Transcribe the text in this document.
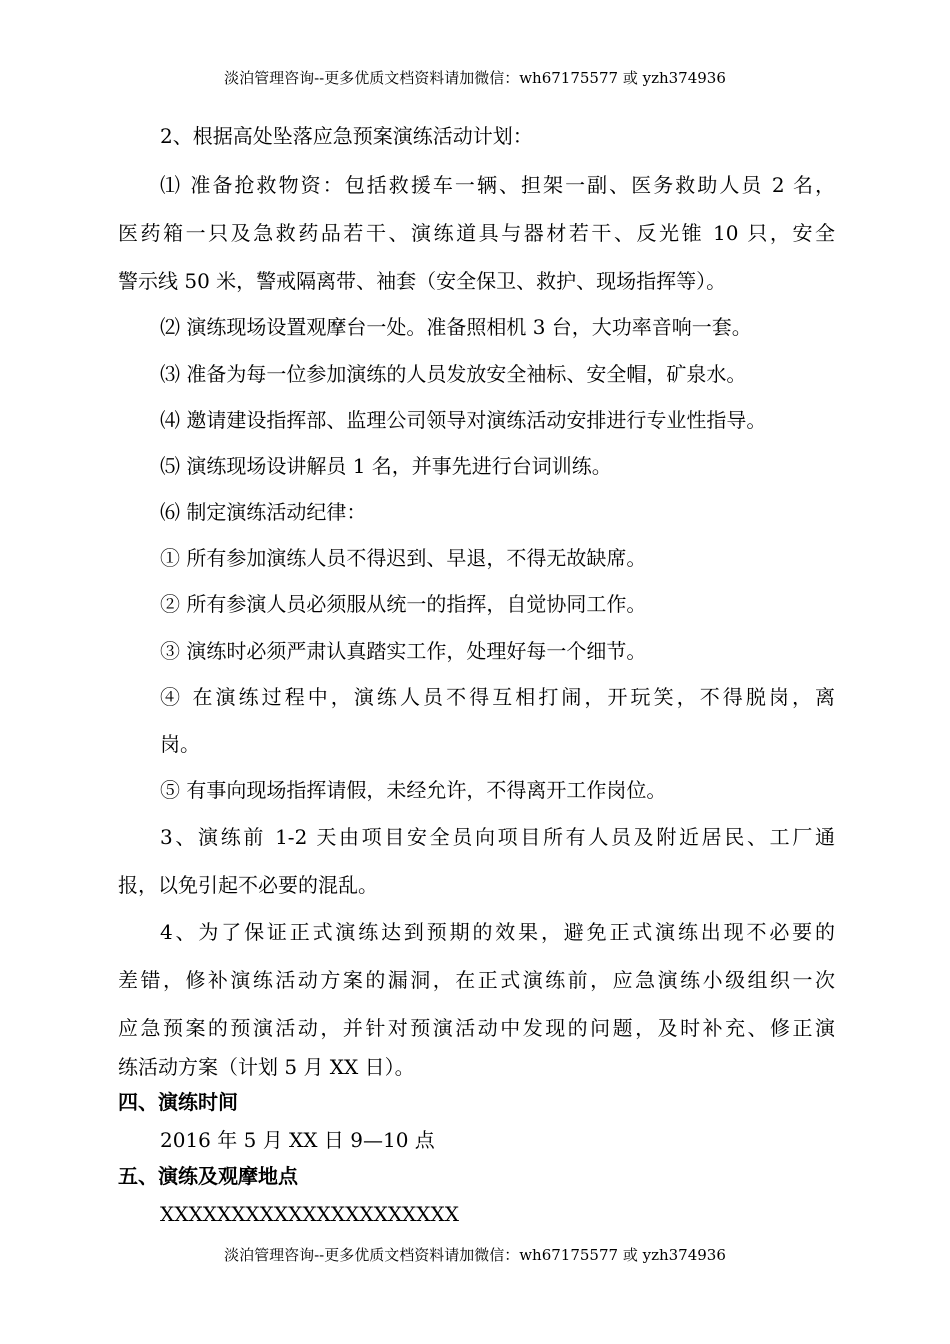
淡泊管理咨询--更多优质文档资料请加微信：wh67175577 或 yzh374936
2、根据高处坠落应急预案演练活动计划：
⑴ 准备抢救物资：包括救援车一辆、担架一副、医务救助人员 2 名，
医药箱一只及急救药品若干、演练道具与器材若干、反光锥 10 只，安全
警示线 50 米，警戒隔离带、袖套（安全保卫、救护、现场指挥等）。
⑵ 演练现场设置观摩台一处。准备照相机 3 台，大功率音响一套。
⑶ 准备为每一位参加演练的人员发放安全袖标、安全帽，矿泉水。
⑷ 邀请建设指挥部、监理公司领导对演练活动安排进行专业性指导。
⑸ 演练现场设讲解员 1 名，并事先进行台词训练。
⑹ 制定演练活动纪律：
① 所有参加演练人员不得迟到、早退，不得无故缺席。
② 所有参演人员必须服从统一的指挥，自觉协同工作。
③ 演练时必须严肃认真踏实工作，处理好每一个细节。
④ 在演练过程中，演练人员不得互相打闹，开玩笑，不得脱岗，离
岗。
⑤ 有事向现场指挥请假，未经允许，不得离开工作岗位。
3、演练前 1-2 天由项目安全员向项目所有人员及附近居民、工厂通
报，以免引起不必要的混乱。
4、为了保证正式演练达到预期的效果，避免正式演练出现不必要的
差错，修补演练活动方案的漏洞，在正式演练前，应急演练小级组织一次
应急预案的预演活动，并针对预演活动中发现的问题，及时补充、修正演
练活动方案（计划 5 月 XX 日）。
四、演练时间
2016 年 5 月 XX 日 9—10 点
五、演练及观摩地点
XXXXXXXXXXXXXXXXXXXXX
淡泊管理咨询--更多优质文档资料请加微信：wh67175577 或 yzh374936
